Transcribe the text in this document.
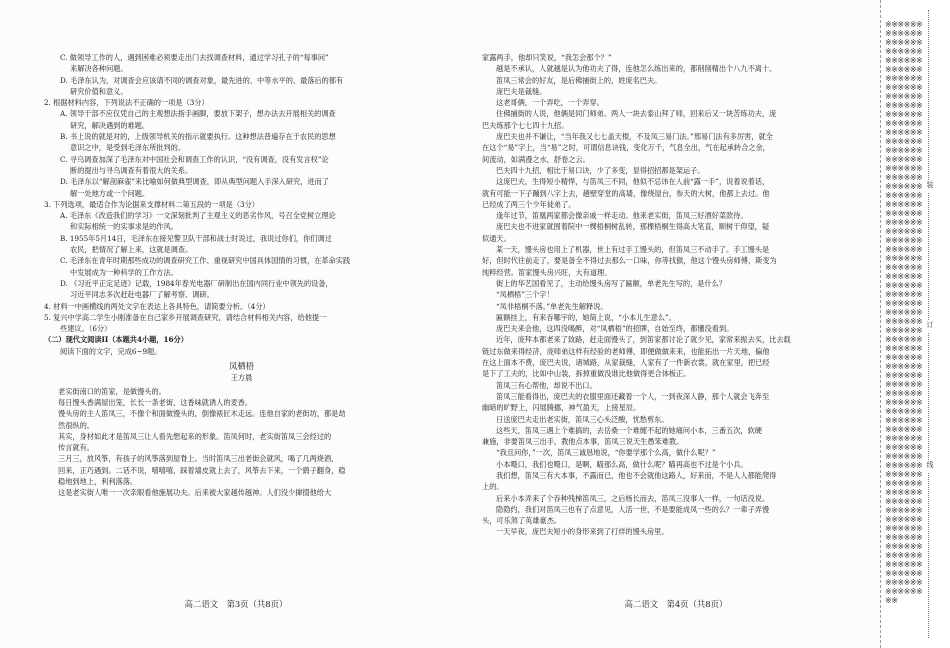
C. 做领导工作的人，遇到困难必须要走出门去找调查材料，通过学习孔子的“每事问”

来解决各种问题。

D. 毛泽东认为，对调查会应该请不同的调查对象，最先进的、中等水平的、最落后的都有

研究价值和意义。

2. 根据材料内容，下列说法不正确的一项是（3分）

A. 领导干部不应仅凭自己的主观想法指手画脚，要放下架子，想办法去开展相关的调查

研究，解决遇到的难题。

B. 书上说的就是对的，上级领导机关的指示就要执行。这种想法普遍存在于农民的思想

意识之中，是受到毛泽东所批判的。

C. 寻乌调查加深了毛泽东对中国社会和调查工作的认识，“没有调查，没有发言权”论

断的提出与寻乌调查有着很大的关系。

D. 毛泽东以“解剖麻雀”来比喻如何做典型调查，即从典型问题入手深入研究，进而了

解一处地方或一个问题。

3. 下列选项，最适合作为论据来支撑材料二第五段的一项是（3分）

A. 毛泽东《改造我们的学习》一文深刻批判了主观主义的恶劣作风，号召全党树立理论

和实际相统一的实事求是的作风。

B. 1955年5月14日，毛泽东在接见警卫队干部和战士时说过，我说过你们，你们调过

农民，把情况了解上来，这就是调查。

C. 毛泽东在青年时期那些成功的调查研究工作、重视研究中国具体国情的习惯，在革命实践

中发展成为一种科学的工作方法。

D. 《习近平正定足迹》记载，1984年春光电器厂研制出在国内同行业中领先的设备，

习近平同志多次赶赴电器厂了解考察、调研。

4. 材料一中画横线的两处文字在表达上各具特色，请简要分析。（4分）

5. 复兴中学高二学生小刚准备在自己家乡开展调查研究，请结合材料相关内容，给他提一

些建议。（6分）

（二）现代文阅读II（本题共4小题，16分）

阅读下面的文字，完成6~9题。

凤栖梧

王方晨

老实街南口的笛家，是做馒头的。

每日馒头香满屋出笼，长长一条老街，这香味就诱人的麦香。

馒头房的主人笛凤三，不像个和面做馒头的，倒像裱匠木走远。连他自家的老街坊，都是劫

然很纵的。

其实，身材如此才是笛凤三让人看先想起来的形象。笛凤何时，老实街笛凤三会经过的

传言就有。

三月三，放风筝，有孩子的风筝落到屋脊上。当时笛凤三出老街会就风，喝了几两烧酒，

回来，正巧遇到。二话不说，嘻嘻嘻，踩着墙皮就上去了，风筝去下来，一个鹞子翻身，稳

稳地到地上，利利落落。

这是老实街人唯一一次亲眼看他施展功夫。后来被大家越传越神。人们没少撺掇他给大

高二语文　第3页（共8页）

家露两手，他却只笑说，“我怎会那个？”

越是不承认，人就越是认为他功夫了得，连他怎么练出来的，都削削精出个八九不离十。

笛凤三常会的好友，是后佛捕街上的，姓庞名巴夫。

庞巴夫是裁缝。

这老哥俩，一个弄吃，一个弄穿。

住佛捕街的人说，他俩是同门师弟。两人一块去泰山拜了师，回来后又一块苦练功夫，庞

巴夫练那个七七四十九招。

庞巴夫也并不谦让，“当年我又七七盖天棍，不及凤三易门法。”邢易门法有多厉害，就全

在这个“易”字上，当“易”之时，可谓信息诀钱，变化万千，气息全出，气在起承转合之余，

间流动，如满漫之水，舒卷之云。

巴夫四十九招，相比于易口诀，少了多变，显得招招都是架运子。

这庞巴夫，生得短小精悍，与笛凤三不同，他似不忌讳在人前“露一手”，说着说着话，

就有可能一下子蹦到八字上去，趟壁穿堂的高墙，像绕屋台，参天的大树，他都上去过。他

已经成了两三个少年徒弟了。

逢年过节，笛凰两家都会像亲戚一样走动。他来老实街，笛凤三好酒好菜款待。

庞巴夫也不进家就围着院中一棵梧桐树乱转，那棵梧桐生得高大笔直，顺树干仰望，疑

似通天。

某一天，馒头房也用上了机器，世上有过手工馒头的，但笛凤三不动手了。手工馒头是

好，但时代往前走了，要是备全不得过去那么一口味，你等找猴，他这个馒头房师傅，斯变为

纯粹经营。笛家馒头房兴旺，大有道理。

街上的华艺国看见了，主动给馒头房写了匾额，单老先生写的，是什么？

“凤栖梧”三个字！

“凤非梧桐不落。”单老先生解释说。

匾额挂上，有来吞哪宇的，她简上说，“小本儿生意么”。

庞巴夫来会他，这四没喝醉，对“凤栖梧”的招牌，自始至终，都懂没看到。

近年，庞拜本都老来了致路，赶走面馒头了，到笛家都讨论了就少见，家常来振去买，比去载

链过东做来得经济，庞师弟这样有经验的老师傅，即便做做来来，也能拓出一片天地，偏他

在这上面本不费，庞巴夫说，诸城路，从家裁缝，人家有了一件新衣裳，就在家里，把已经

是下了工夫的，比如中山装，拆掉重做没谁比他做得更合体板正。

笛凤三有心帮他，却说不出口。

笛凤三能看得出，庞巴夫的衣服里面还藏着一个人，一到夜深人静，那个人就会飞奔至

幽暗的旷野上，闪展腾挪，神气盈天，上接星辰。

日送庞巴夫走出老实街，笛凤三心头泛酸，忧愁剪东。

这些天，笛凤三遇上个难搞的，去岳桑一个难缠不起的她痛问小本，三番五次，软硬

兼施，非要笛凤三出手，教他点本事，笛凤三说天生愚笨难教。

“我且问你，”一次，笛凤三诚恳地说，“你要学那个么高，做什么呢？”

小本嗫口，我们也嗫口，是啊，瞄那么高，做什么呢？瞄再高也不过是个小兵。

我们想，笛凤三有大本事，不露而已，他也不会就他这路人，好来而，不是人人都能爬得

上的。

后来小本弄来了个吞种残梯笛凤三，之后杨长而去，笛凤三没事人一样，一句话没说。

隐隐约，我们对笛凤三也有了点意见，人活一世，不是要能成凤一些的么？一辈子弄馒

头，可乐煞了英雄豪杰。

一天早夜，庞巴夫短小的身形来到了打烊的馒头房里。

高二语文　第4页（共8页）
※※※※※※※※※※※※※※※※※※※※※※※※※※※※※※※※※※※※※※※※※※※※※※※※※※※※※※※※※※※※※※※※※※※※※※※※※※※※※※※※※※※※※※※※※※※※※※※※※※※※※※※※※※※※※※※※※※※※※※※※※※※※※※※※※※※※※※※※※※※※※※※※※※※※※※※※※※※※※※※※※※※※※※※※※※※※※※※※※※※※※※※※※※※※※※※※※※※※※※※※※※※※※※※※※※※※※※※※※※※※※※※※※※※※※※※※※※※※※※※※※※※※※※※※※※※※※※※※※※※※※※※※※※※※※※※※※※※※※※※※※※※※※※※※※※※※※※※※※※※※※※※※※※※※※※※※※※※※※※※※※※※※※※※※※※※※※※※※※※※※※※※※※※※※※※※※※※※※※※※※※※※※※※※※※※※※※※※※※※※※※※※※※※
装
订
线
